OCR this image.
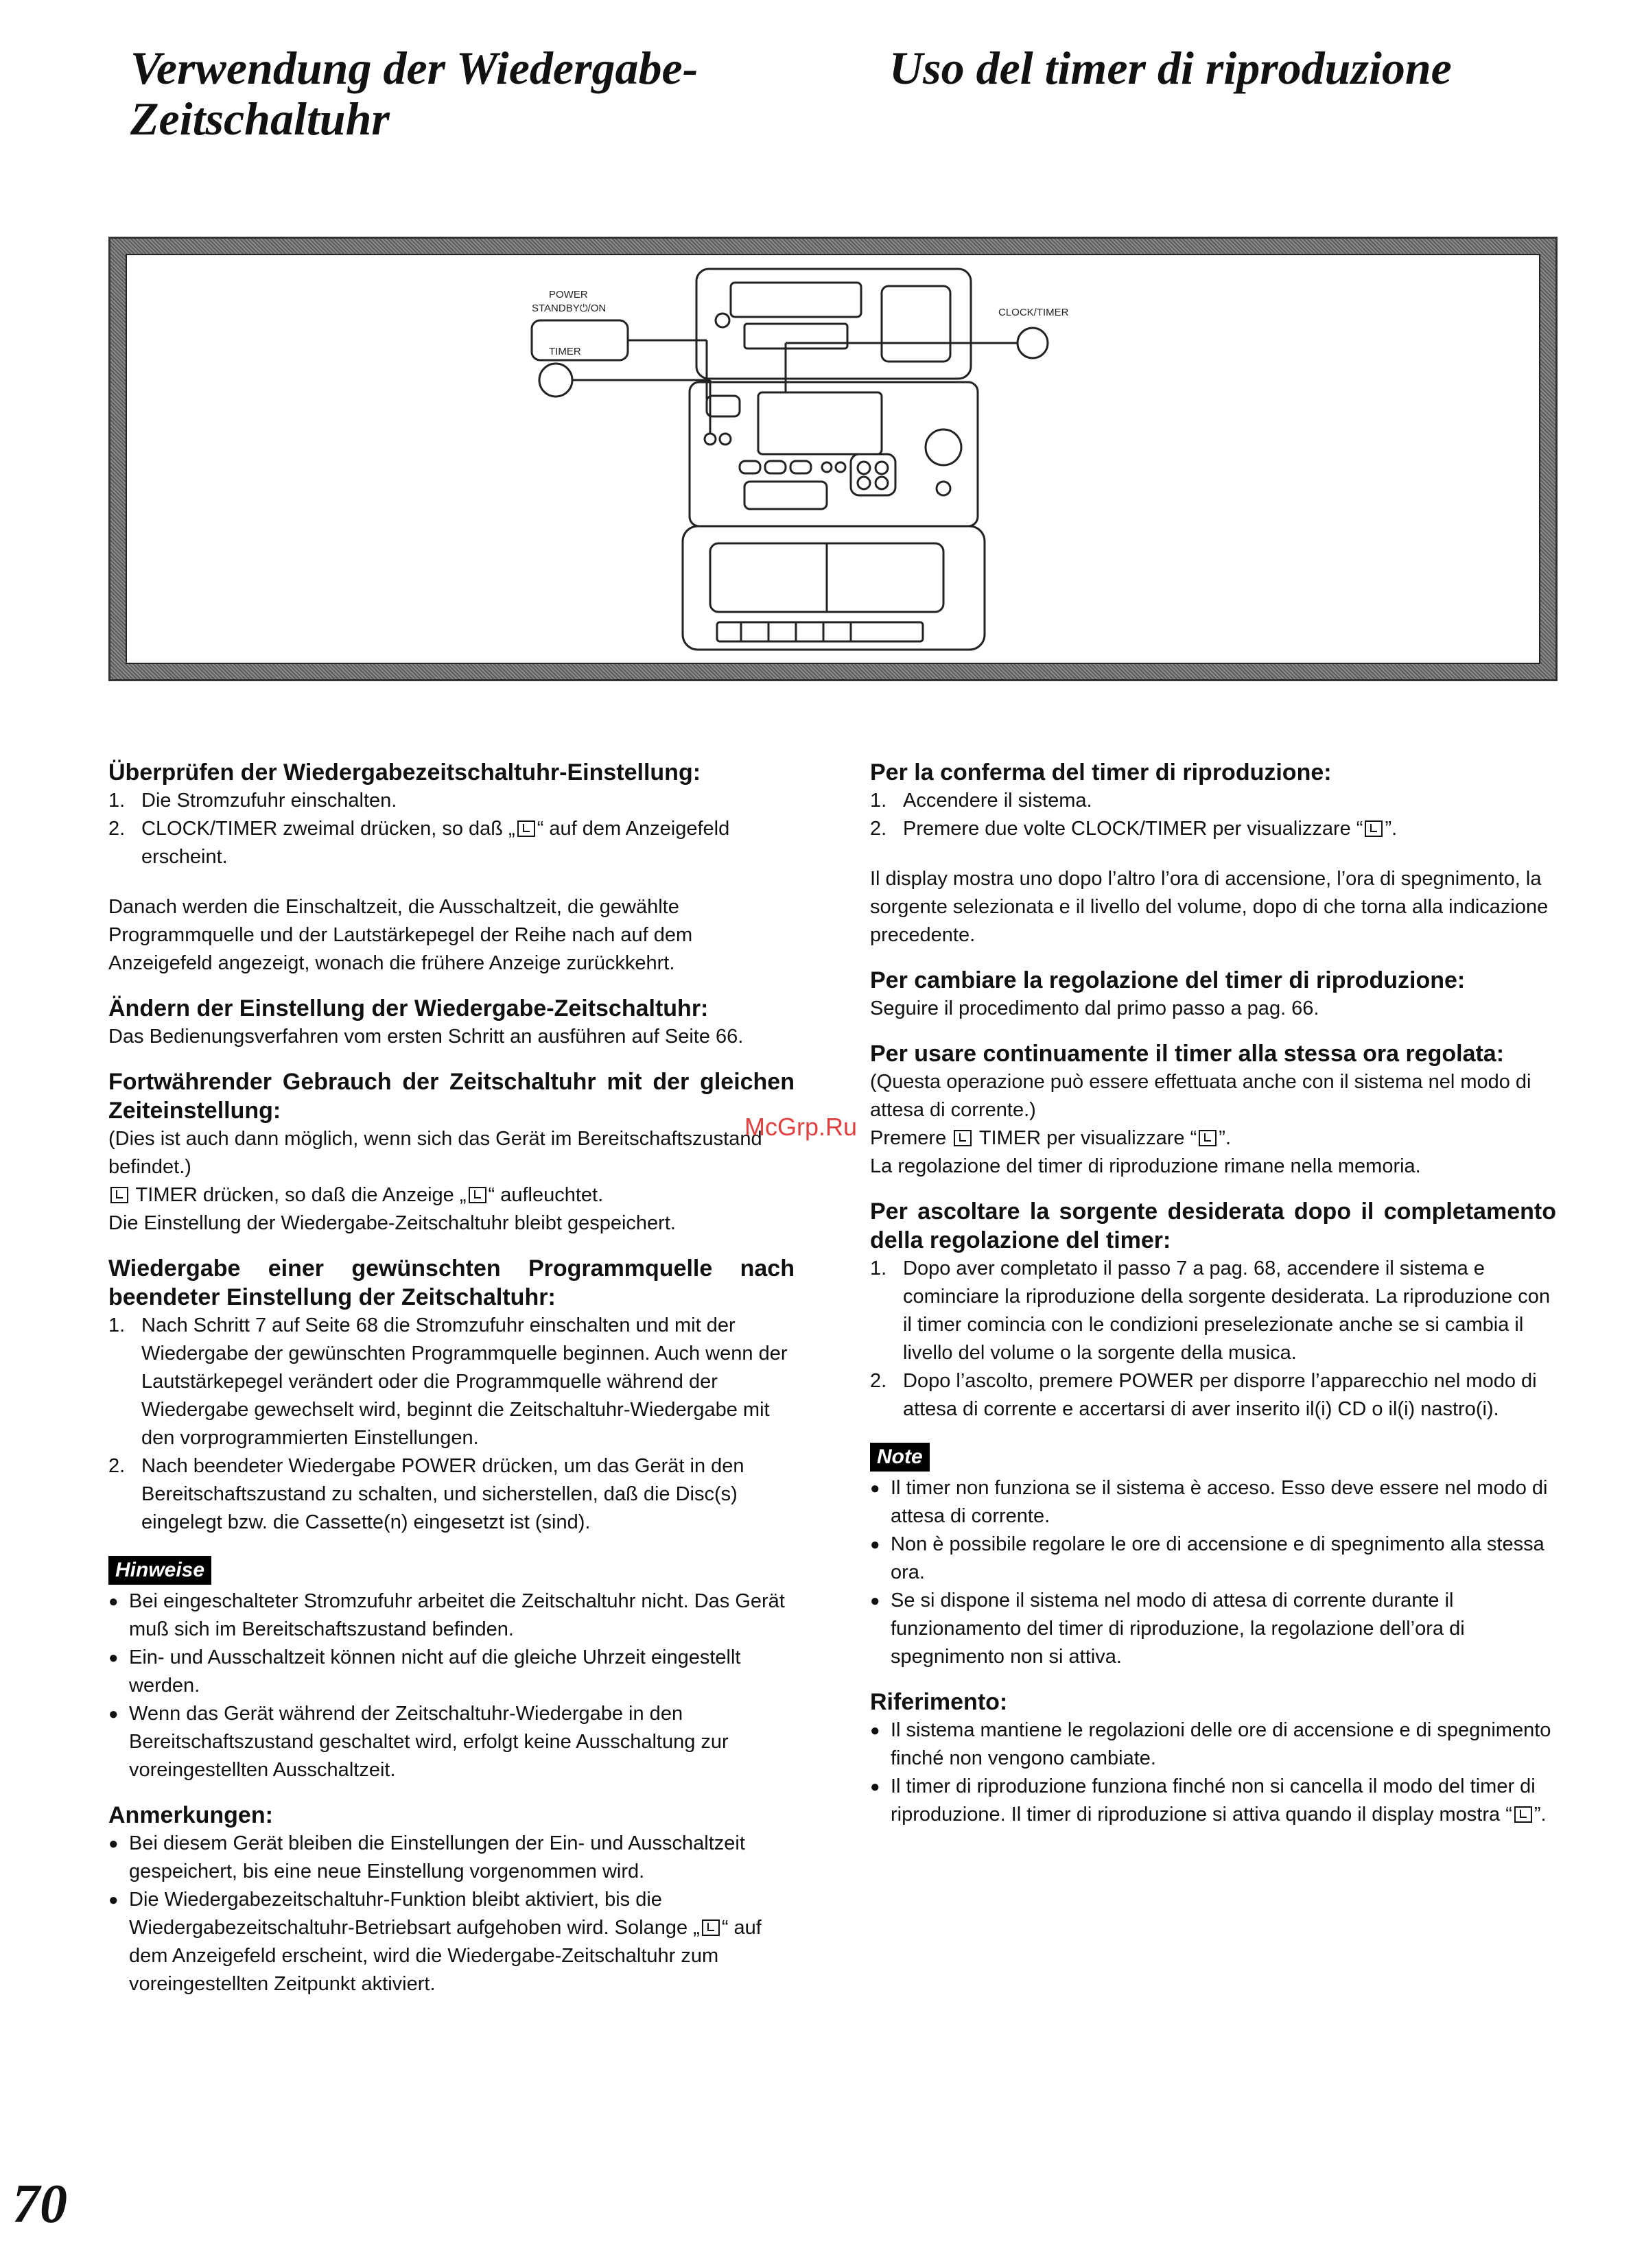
Verwendung der Wiedergabe-Zeitschaltuhr
Uso del timer di riproduzione
POWER
STANDBY⏻/ON
TIMER
CLOCK/TIMER
Überprüfen der Wiedergabezeitschaltuhr-Einstellung:
1. Die Stromzufuhr einschalten.
2. CLOCK/TIMER zweimal drücken, so daß „ “ auf dem Anzeigefeld erscheint.

Danach werden die Einschaltzeit, die Ausschaltzeit, die gewählte Programmquelle und der Lautstärkepegel der Reihe nach auf dem Anzeigefeld angezeigt, wonach die frühere Anzeige zurückkehrt.

Ändern der Einstellung der Wiedergabe-Zeitschaltuhr:

Das Bedienungsverfahren vom ersten Schritt an ausführen auf Seite 66.

Fortwährender Gebrauch der Zeitschaltuhr mit der gleichen Zeiteinstellung:

(Dies ist auch dann möglich, wenn sich das Gerät im Bereitschaftszustand befindet.)

TIMER drücken, so daß die Anzeige „ “ aufleuchtet.

Die Einstellung der Wiedergabe-Zeitschaltuhr bleibt gespeichert.

Wiedergabe einer gewünschten Programmquelle nach beendeter Einstellung der Zeitschaltuhr:
1. Nach Schritt 7 auf Seite 68 die Stromzufuhr einschalten und mit der Wiedergabe der gewünschten Programmquelle beginnen. Auch wenn der Lautstärkepegel verändert oder die Programmquelle während der Wiedergabe gewechselt wird, beginnt die Zeitschaltuhr-Wiedergabe mit den vorprogrammierten Einstellungen.
2. Nach beendeter Wiedergabe POWER drücken, um das Gerät in den Bereitschaftszustand zu schalten, und sicherstellen, daß die Disc(s) eingelegt bzw. die Cassette(n) eingesetzt ist (sind).
Hinweise
● Bei eingeschalteter Stromzufuhr arbeitet die Zeitschaltuhr nicht. Das Gerät muß sich im Bereitschaftszustand befinden.
● Ein- und Ausschaltzeit können nicht auf die gleiche Uhrzeit eingestellt werden.
● Wenn das Gerät während der Zeitschaltuhr-Wiedergabe in den Bereitschaftszustand geschaltet wird, erfolgt keine Ausschaltung zur voreingestellten Ausschaltzeit.
Anmerkungen:
● Bei diesem Gerät bleiben die Einstellungen der Ein- und Ausschaltzeit gespeichert, bis eine neue Einstellung vorgenommen wird.
● Die Wiedergabezeitschaltuhr-Funktion bleibt aktiviert, bis die Wiedergabezeitschaltuhr-Betriebsart aufgehoben wird. Solange „ “ auf dem Anzeigefeld erscheint, wird die Wiedergabe-Zeitschaltuhr zum voreingestellten Zeitpunkt aktiviert.
Per la conferma del timer di riproduzione:
1. Accendere il sistema.
2. Premere due volte CLOCK/TIMER per visualizzare “ ”.

Il display mostra uno dopo l’altro l’ora di accensione, l’ora di spegnimento, la sorgente selezionata e il livello del volume, dopo di che torna alla indicazione precedente.

Per cambiare la regolazione del timer di riproduzione:

Seguire il procedimento dal primo passo a pag. 66.

Per usare continuamente il timer alla stessa ora regolata:

(Questa operazione può essere effettuata anche con il sistema nel modo di attesa di corrente.)

Premere TIMER per visualizzare “ ”.

La regolazione del timer di riproduzione rimane nella memoria.

Per ascoltare la sorgente desiderata dopo il completamento della regolazione del timer:
1. Dopo aver completato il passo 7 a pag. 68, accendere il sistema e cominciare la riproduzione della sorgente desiderata. La riproduzione con il timer comincia con le condizioni preselezionate anche se si cambia il livello del volume o la sorgente della musica.
2. Dopo l’ascolto, premere POWER per disporre l’apparecchio nel modo di attesa di corrente e accertarsi di aver inserito il(i) CD o il(i) nastro(i).
Note
● Il timer non funziona se il sistema è acceso. Esso deve essere nel modo di attesa di corrente.
● Non è possibile regolare le ore di accensione e di spegnimento alla stessa ora.
● Se si dispone il sistema nel modo di attesa di corrente durante il funzionamento del timer di riproduzione, la regolazione dell’ora di spegnimento non si attiva.
Riferimento:
● Il sistema mantiene le regolazioni delle ore di accensione e di spegnimento finché non vengono cambiate.
● Il timer di riproduzione funziona finché non si cancella il modo del timer di riproduzione. Il timer di riproduzione si attiva quando il display mostra “ ”.
McGrp.Ru
70
